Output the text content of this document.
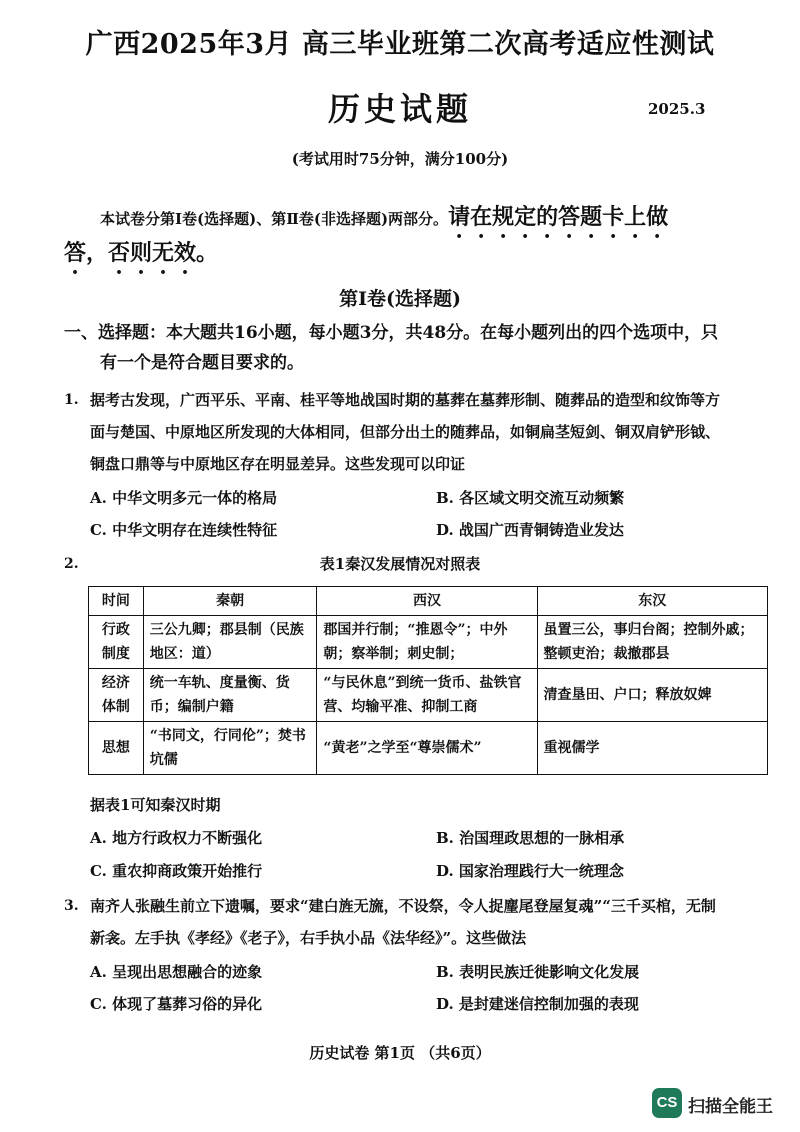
广西2025年3月 高三毕业班第二次高考适应性测试
历史试题	2025.3
(考试用时75分钟，满分100分)
本试卷分第Ⅰ卷(选择题)、第Ⅱ卷(非选择题)两部分。请在规定的答题卡上做
答，否则无效。
第Ⅰ卷(选择题)
一、选择题：本大题共16小题，每小题3分，共48分。在每小题列出的四个选项中，只
有一个是符合题目要求的。
1. 据考古发现，广西平乐、平南、桂平等地战国时期的墓葬在墓葬形制、随葬品的造型和纹饰等方
面与楚国、中原地区所发现的大体相同，但部分出土的随葬品，如铜扁茎短剑、铜双肩铲形钺、
铜盘口鼎等与中原地区存在明显差异。这些发现可以印证
A. 中华文明多元一体的格局	B. 各区域文明交流互动频繁
C. 中华文明存在连续性特征	D. 战国广西青铜铸造业发达
2.	表1秦汉发展情况对照表
时间	秦朝	西汉	东汉
行政制度	三公九卿；郡县制（民族地区：道）	郡国并行制；“推恩令”；中外朝；察举制；刺史制；	虽置三公，事归台阁；控制外戚；整顿吏治；裁撤郡县
经济体制	统一车轨、度量衡、货币；编制户籍	“与民休息”到统一货币、盐铁官营、均输平准、抑制工商	清查垦田、户口；释放奴婢
思想	“书同文，行同伦”；焚书坑儒	“黄老”之学至“尊崇儒术”	重视儒学
据表1可知秦汉时期
A. 地方行政权力不断强化	B. 治国理政思想的一脉相承
C. 重农抑商政策开始推行	D. 国家治理践行大一统理念
3. 南齐人张融生前立下遗嘱，要求“建白旌无旒，不设祭，令人捉麈尾登屋复魂”“三千买棺，无制
新衾。左手执《孝经》《老子》，右手执小品《法华经》”。这些做法
A. 呈现出思想融合的迹象	B. 表明民族迁徙影响文化发展
C. 体现了墓葬习俗的异化	D. 是封建迷信控制加强的表现
历史试卷 第1页 （共6页）
CS 扫描全能王
